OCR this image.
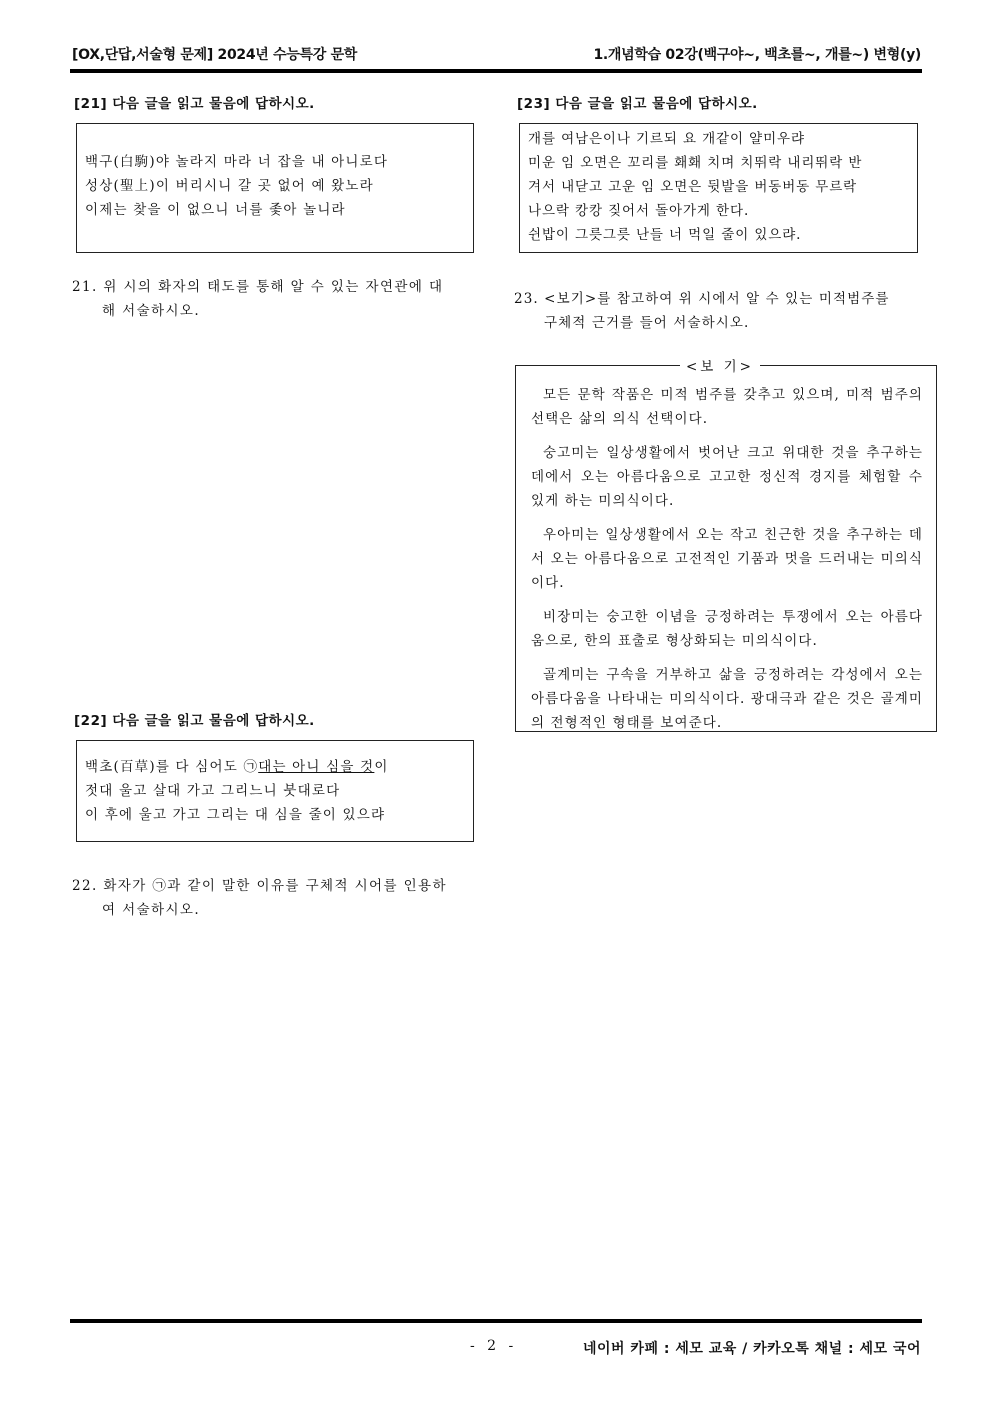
[OX,단답,서술형 문제] 2024년 수능특강 문학	1.개념학습 02강(백구야~, 백초를~, 개를~) 변형(y)
[21] 다음 글을 읽고 물음에 답하시오.
백구(白駒)야 놀라지 마라 너 잡을 내 아니로다
성상(聖上)이 버리시니 갈 곳 없어 예 왔노라
이제는 찾을 이 없으니 너를 좇아 놀니라
21. 위 시의 화자의 태도를 통해 알 수 있는 자연관에 대
해 서술하시오.
[22] 다음 글을 읽고 물음에 답하시오.
백초(百草)를 다 심어도 ㉠대는 아니 심을 것이
젓대 울고 살대 가고 그리느니 붓대로다
이 후에 울고 가고 그리는 대 심을 줄이 있으랴
22. 화자가 ㉠과 같이 말한 이유를 구체적 시어를 인용하
여 서술하시오.
[23] 다음 글을 읽고 물음에 답하시오.
개를 여남은이나 기르되 요 개같이 얄미우랴
미운 임 오면은 꼬리를 홰홰 치며 치뛰락 내리뛰락 반
겨서 내닫고 고운 임 오면은 뒷발을 버동버동 무르락
나으락 캉캉 짖어서 돌아가게 한다.
쉰밥이 그릇그릇 난들 너 먹일 줄이 있으랴.
23. <보기>를 참고하여 위 시에서 알 수 있는 미적범주를
구체적 근거를 들어 서술하시오.

모든 문학 작품은 미적 범주를 갖추고 있으며, 미적 범주의 선택은 삶의 의식 선택이다.

숭고미는 일상생활에서 벗어난 크고 위대한 것을 추구하는 데에서 오는 아름다움으로 고고한 정신적 경지를 체험할 수 있게 하는 미의식이다.

우아미는 일상생활에서 오는 작고 친근한 것을 추구하는 데서 오는 아름다움으로 고전적인 기품과 멋을 드러내는 미의식이다.

비장미는 숭고한 이념을 긍정하려는 투쟁에서 오는 아름다움으로, 한의 표출로 형상화되는 미의식이다.

골계미는 구속을 거부하고 삶을 긍정하려는 각성에서 오는 아름다움을 나타내는 미의식이다. 광대극과 같은 것은 골계미의 전형적인 형태를 보여준다.

<보 기>
- 2 -	네이버 카페 : 세모 교육 / 카카오톡 채널 : 세모 국어
